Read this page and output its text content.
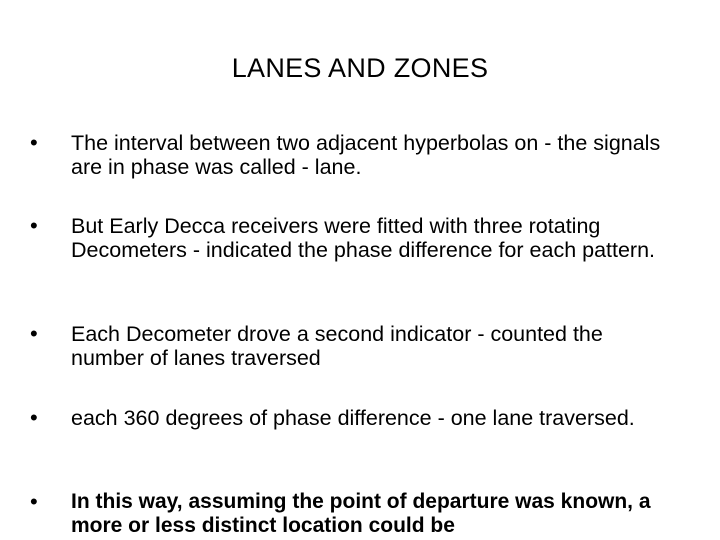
LANES AND ZONES
• The interval between two adjacent hyperbolas on - the signals are in phase was called - lane.
• But Early Decca receivers were fitted with three rotating Decometers - indicated the phase difference for each pattern.
• Each Decometer drove a second indicator - counted the number of lanes traversed
• each 360 degrees of phase difference - one lane traversed.
• In this way, assuming the point of departure was known, a more or less distinct location could be
